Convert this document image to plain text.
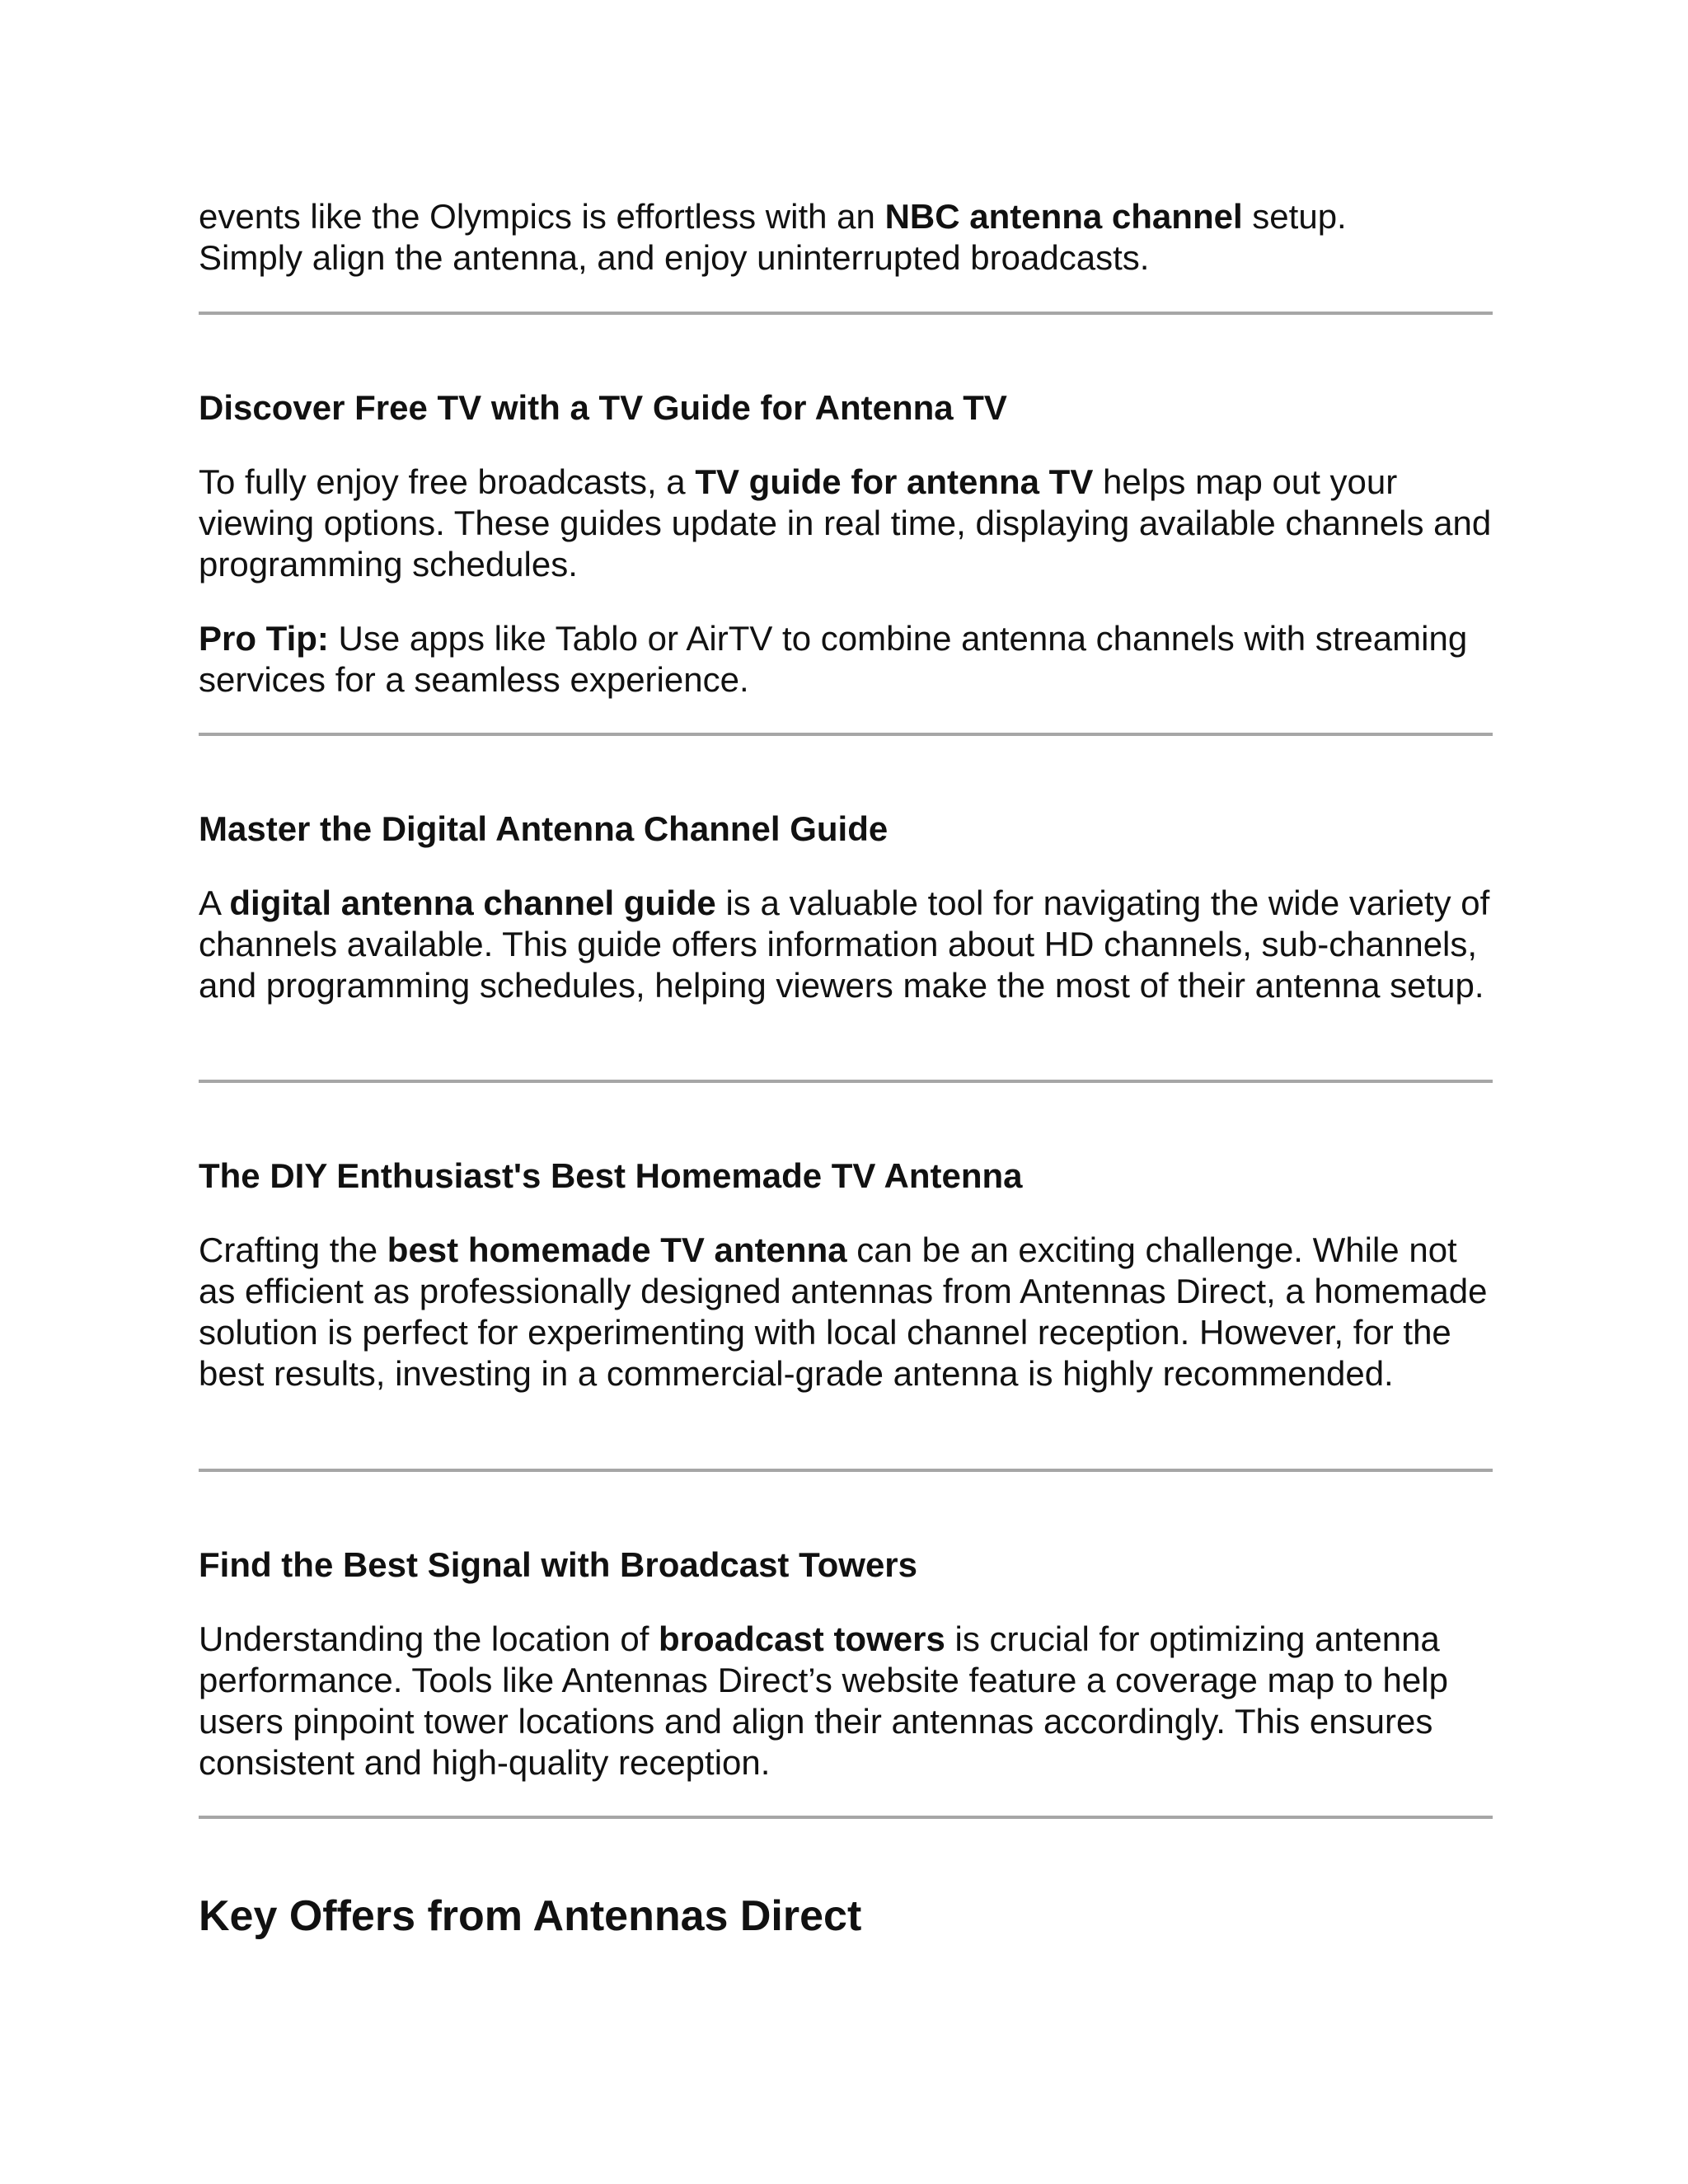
events like the Olympics is effortless with an NBC antenna channel setup.

Simply align the antenna, and enjoy uninterrupted broadcasts.

Discover Free TV with a TV Guide for Antenna TV

To fully enjoy free broadcasts, a TV guide for antenna TV helps map out your viewing options. These guides update in real time, displaying available channels and programming schedules.

Pro Tip: Use apps like Tablo or AirTV to combine antenna channels with streaming services for a seamless experience.

Master the Digital Antenna Channel Guide

A digital antenna channel guide is a valuable tool for navigating the wide variety of channels available. This guide offers information about HD channels, sub-channels, and programming schedules, helping viewers make the most of their antenna setup.

The DIY Enthusiast's Best Homemade TV Antenna

Crafting the best homemade TV antenna can be an exciting challenge. While not as efficient as professionally designed antennas from Antennas Direct, a homemade solution is perfect for experimenting with local channel reception. However, for the best results, investing in a commercial-grade antenna is highly recommended.

Find the Best Signal with Broadcast Towers

Understanding the location of broadcast towers is crucial for optimizing antenna performance. Tools like Antennas Direct’s website feature a coverage map to help users pinpoint tower locations and align their antennas accordingly. This ensures consistent and high-quality reception.

Key Offers from Antennas Direct
